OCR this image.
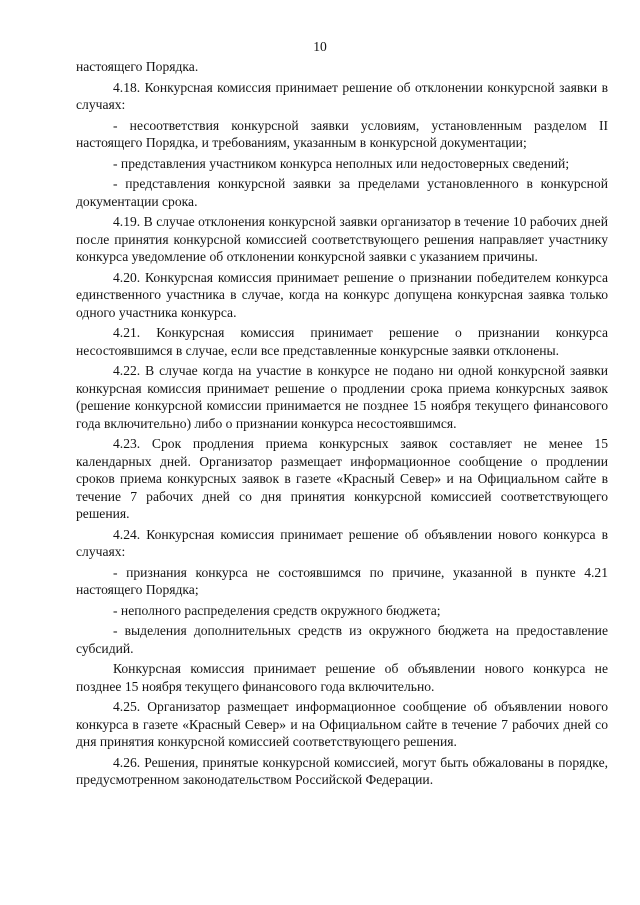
10

настоящего Порядка.

4.18. Конкурсная комиссия принимает решение об отклонении конкурсной заявки в случаях:

- несоответствия конкурсной заявки условиям, установленным разделом II настоящего Порядка, и требованиям, указанным в конкурсной документации;

- представления участником конкурса неполных или недостоверных сведений;

- представления конкурсной заявки за пределами установленного в конкурсной документации срока.

4.19. В случае отклонения конкурсной заявки организатор в течение 10 рабочих дней после принятия конкурсной комиссией соответствующего решения направляет участнику конкурса уведомление об отклонении конкурсной заявки с указанием причины.

4.20. Конкурсная комиссия принимает решение о признании победителем конкурса единственного участника в случае, когда на конкурс допущена конкурсная заявка только одного участника конкурса.

4.21. Конкурсная комиссия принимает решение о признании конкурса несостоявшимся в случае, если все представленные конкурсные заявки отклонены.

4.22. В случае когда на участие в конкурсе не подано ни одной конкурсной заявки конкурсная комиссия принимает решение о продлении срока приема конкурсных заявок (решение конкурсной комиссии принимается не позднее 15 ноября текущего финансового года включительно) либо о признании конкурса несостоявшимся.

4.23. Срок продления приема конкурсных заявок составляет не менее 15 календарных дней. Организатор размещает информационное сообщение о продлении сроков приема конкурсных заявок в газете «Красный Север» и на Официальном сайте в течение 7 рабочих дней со дня принятия конкурсной комиссией соответствующего решения.

4.24. Конкурсная комиссия принимает решение об объявлении нового конкурса в случаях:

- признания конкурса не состоявшимся по причине, указанной в пункте 4.21 настоящего Порядка;

- неполного распределения средств окружного бюджета;

- выделения дополнительных средств из окружного бюджета на предоставление субсидий.

Конкурсная комиссия принимает решение об объявлении нового конкурса не позднее 15 ноября текущего финансового года включительно.

4.25. Организатор размещает информационное сообщение об объявлении нового конкурса в газете «Красный Север» и на Официальном сайте в течение 7 рабочих дней со дня принятия конкурсной комиссией соответствующего решения.

4.26. Решения, принятые конкурсной комиссией, могут быть обжалованы в порядке, предусмотренном законодательством Российской Федерации.
